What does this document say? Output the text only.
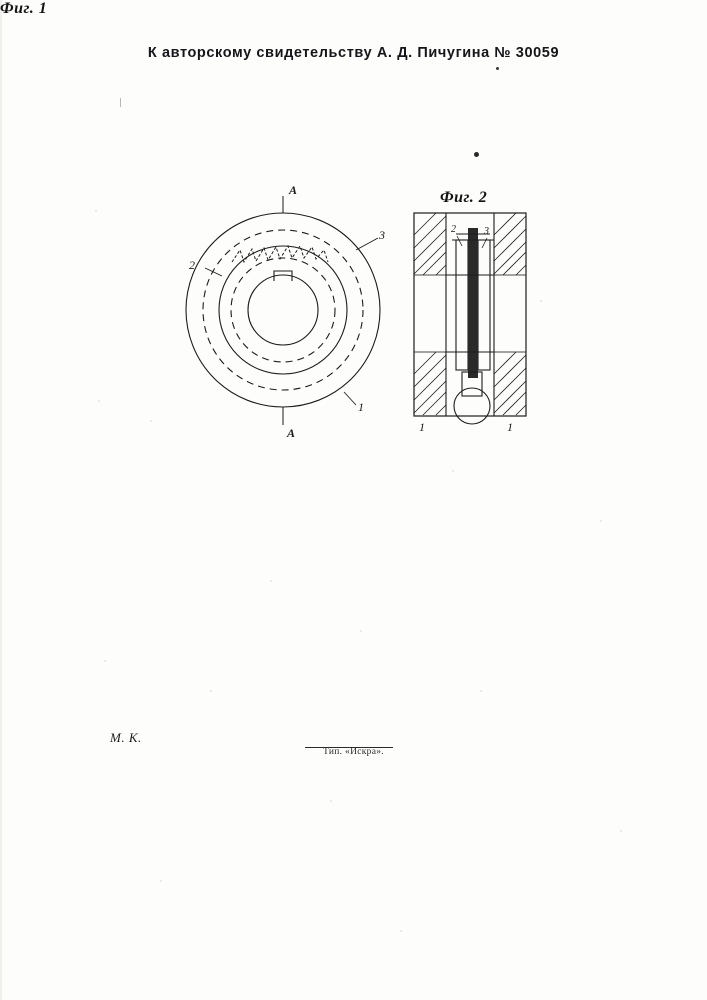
К авторскому свидетельству А. Д. Пичугина № 30059
Фиг. 1
Фиг. 2
A
A
3
2
1
2	3
1	1
М. К.
Тип. «Искра».
